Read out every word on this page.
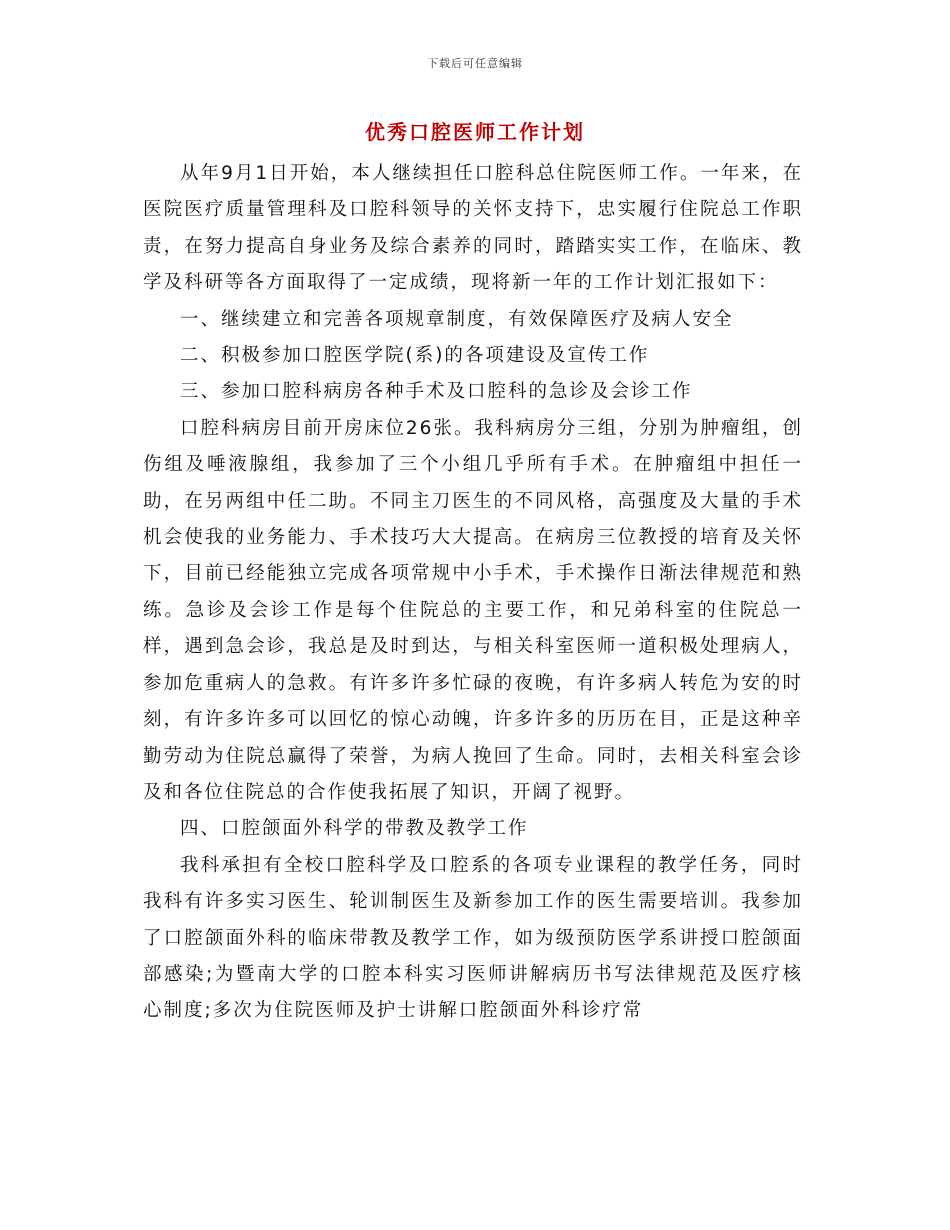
下载后可任意编辑
优秀口腔医师工作计划

从年9月1日开始，本人继续担任口腔科总住院医师工作。一年来，在医院医疗质量管理科及口腔科领导的关怀支持下，忠实履行住院总工作职责，在努力提高自身业务及综合素养的同时，踏踏实实工作，在临床、教学及科研等各方面取得了一定成绩，现将新一年的工作计划汇报如下：

一、继续建立和完善各项规章制度，有效保障医疗及病人安全

二、积极参加口腔医学院(系)的各项建设及宣传工作

三、参加口腔科病房各种手术及口腔科的急诊及会诊工作

口腔科病房目前开房床位26张。我科病房分三组，分别为肿瘤组，创伤组及唾液腺组，我参加了三个小组几乎所有手术。在肿瘤组中担任一助，在另两组中任二助。不同主刀医生的不同风格，高强度及大量的手术机会使我的业务能力、手术技巧大大提高。在病房三位教授的培育及关怀下，目前已经能独立完成各项常规中小手术，手术操作日渐法律规范和熟练。急诊及会诊工作是每个住院总的主要工作，和兄弟科室的住院总一样，遇到急会诊，我总是及时到达，与相关科室医师一道积极处理病人，参加危重病人的急救。有许多许多忙碌的夜晚，有许多病人转危为安的时刻，有许多许多可以回忆的惊心动魄，许多许多的历历在目，正是这种辛勤劳动为住院总赢得了荣誉，为病人挽回了生命。同时，去相关科室会诊及和各位住院总的合作使我拓展了知识，开阔了视野。

四、口腔颌面外科学的带教及教学工作

我科承担有全校口腔科学及口腔系的各项专业课程的教学任务，同时我科有许多实习医生、轮训制医生及新参加工作的医生需要培训。我参加了口腔颌面外科的临床带教及教学工作，如为级预防医学系讲授口腔颌面部感染;为暨南大学的口腔本科实习医师讲解病历书写法律规范及医疗核心制度;多次为住院医师及护士讲解口腔颌面外科诊疗常
